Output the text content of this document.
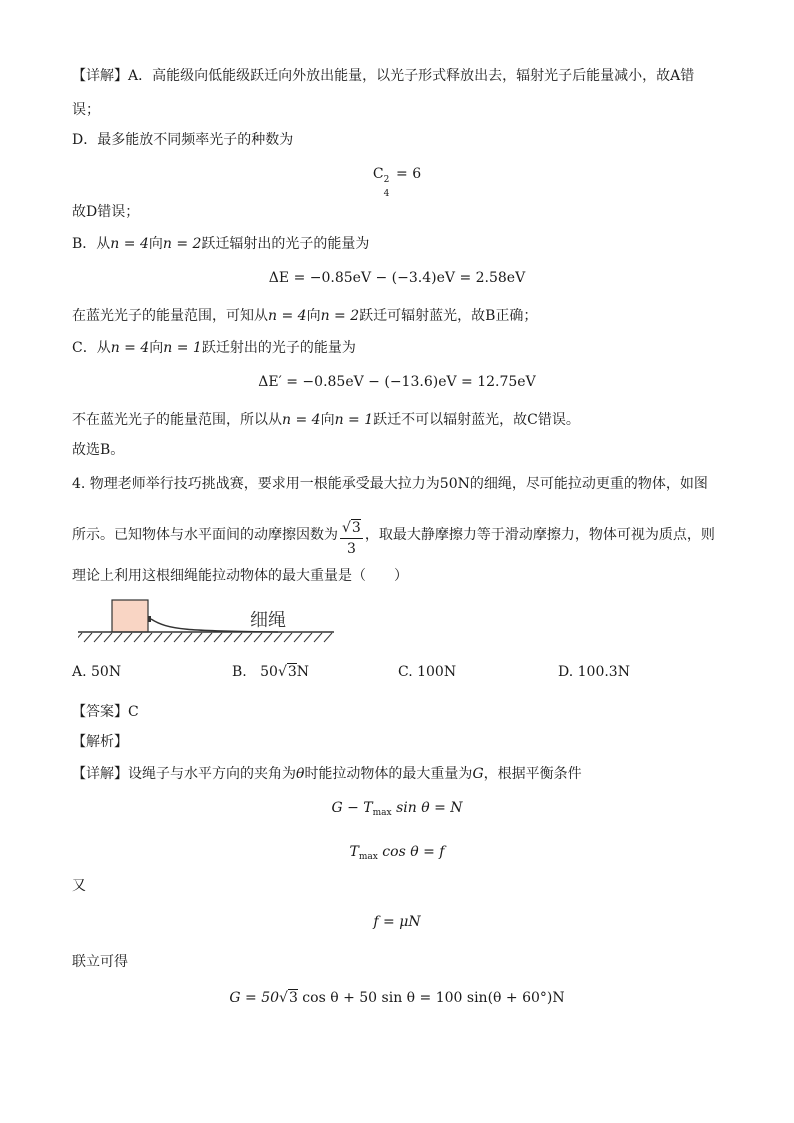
【详解】A．高能级向低能级跃迁向外放出能量，以光子形式释放出去，辐射光子后能量减小，故A错
误；
D．最多能放不同频率光子的种数为
C 2
4
= 6
故D错误；
B．从n = 4向n = 2跃迁辐射出的光子的能量为
ΔE = −0.85eV − (−3.4)eV = 2.58eV
在蓝光光子的能量范围，可知从n = 4向n = 2跃迁可辐射蓝光，故B正确；
C．从n = 4向n = 1跃迁射出的光子的能量为
ΔE′ = −0.85eV − (−13.6)eV = 12.75eV
不在蓝光光子的能量范围，所以从n = 4向n = 1跃迁不可以辐射蓝光，故C错误。
故选B。
4. 物理老师举行技巧挑战赛，要求用一根能承受最大拉力为50N的细绳，尽可能拉动更重的物体，如图
所示。已知物体与水平面间的动摩擦因数为 $\frac{√3}{3}$ ，取最大静摩擦力等于滑动摩擦力，物体可视为质点，则
理论上利用这根细绳能拉动物体的最大重量是（　　）
细绳
A. 50N	B. 50√3N	C. 100N	D. 100.3N
【答案】C
【解析】
【详解】设绳子与水平方向的夹角为θ时能拉动物体的最大重量为G，根据平衡条件
$G - T_{max}$ sin θ = N
$T_{max}$ cos θ = f
又
f = μN
联立可得
G = 50√3 cos θ + 50 sin θ = 100 sin(θ + 60°)N
